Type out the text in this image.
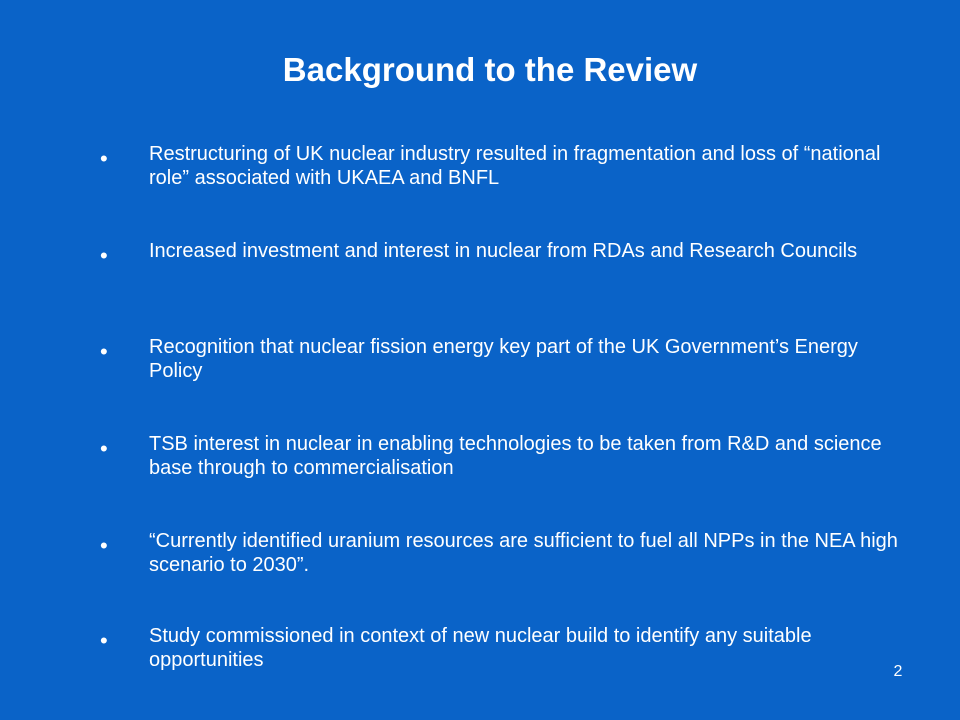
Background to the Review
• Restructuring of UK nuclear industry resulted in fragmentation and loss of “national role” associated with UKAEA and BNFL
• Increased investment and interest in nuclear from RDAs and Research Councils
• Recognition that nuclear fission energy key part of the UK Government’s Energy Policy
• TSB interest in nuclear in enabling technologies to be taken from R&D and science base through to commercialisation
• “Currently identified uranium resources are sufficient to fuel all NPPs in the NEA high scenario to 2030”.
• Study commissioned in context of new nuclear build to identify any suitable opportunities
2
